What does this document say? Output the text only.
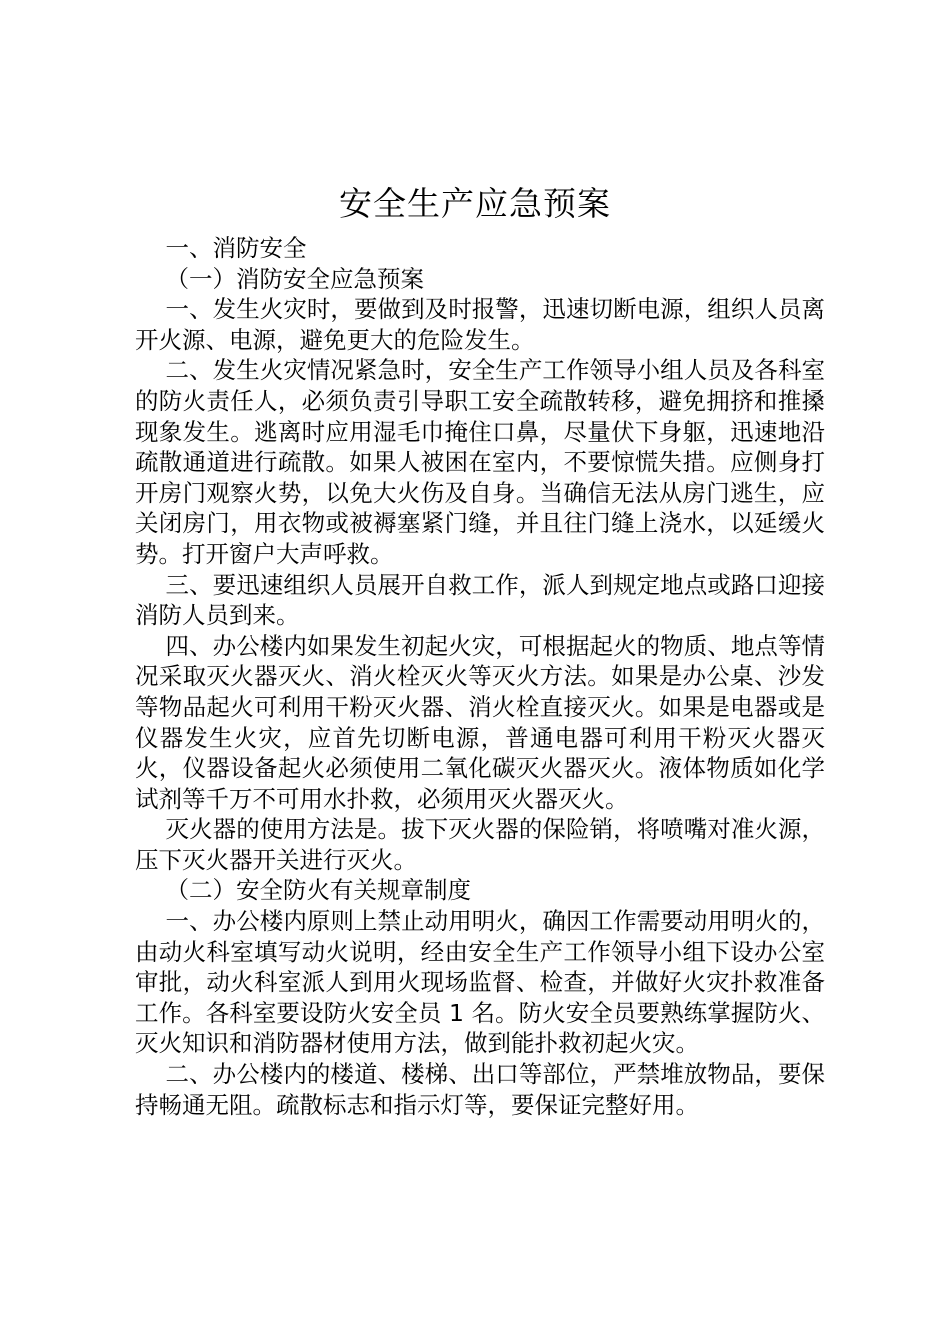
安全生产应急预案

一、消防安全

（一）消防安全应急预案

一、发生火灾时，要做到及时报警，迅速切断电源，组织人员离开火源、电源，避免更大的危险发生。

二、发生火灾情况紧急时，安全生产工作领导小组人员及各科室的防火责任人，必须负责引导职工安全疏散转移，避免拥挤和推搡现象发生。逃离时应用湿毛巾掩住口鼻，尽量伏下身躯，迅速地沿疏散通道进行疏散。如果人被困在室内，不要惊慌失措。应侧身打开房门观察火势，以免大火伤及自身。当确信无法从房门逃生，应关闭房门，用衣物或被褥塞紧门缝，并且往门缝上浇水，以延缓火势。打开窗户大声呼救。

三、要迅速组织人员展开自救工作，派人到规定地点或路口迎接消防人员到来。

四、办公楼内如果发生初起火灾，可根据起火的物质、地点等情况采取灭火器灭火、消火栓灭火等灭火方法。如果是办公桌、沙发等物品起火可利用干粉灭火器、消火栓直接灭火。如果是电器或是仪器发生火灾，应首先切断电源，普通电器可利用干粉灭火器灭火，仪器设备起火必须使用二氧化碳灭火器灭火。液体物质如化学试剂等千万不可用水扑救，必须用灭火器灭火。

灭火器的使用方法是。拔下灭火器的保险销，将喷嘴对准火源，压下灭火器开关进行灭火。

（二）安全防火有关规章制度

一、办公楼内原则上禁止动用明火，确因工作需要动用明火的，由动火科室填写动火说明，经由安全生产工作领导小组下设办公室审批，动火科室派人到用火现场监督、检查，并做好火灾扑救准备工作。各科室要设防火安全员 1 名。防火安全员要熟练掌握防火、灭火知识和消防器材使用方法，做到能扑救初起火灾。

二、办公楼内的楼道、楼梯、出口等部位，严禁堆放物品，要保持畅通无阻。疏散标志和指示灯等，要保证完整好用。
